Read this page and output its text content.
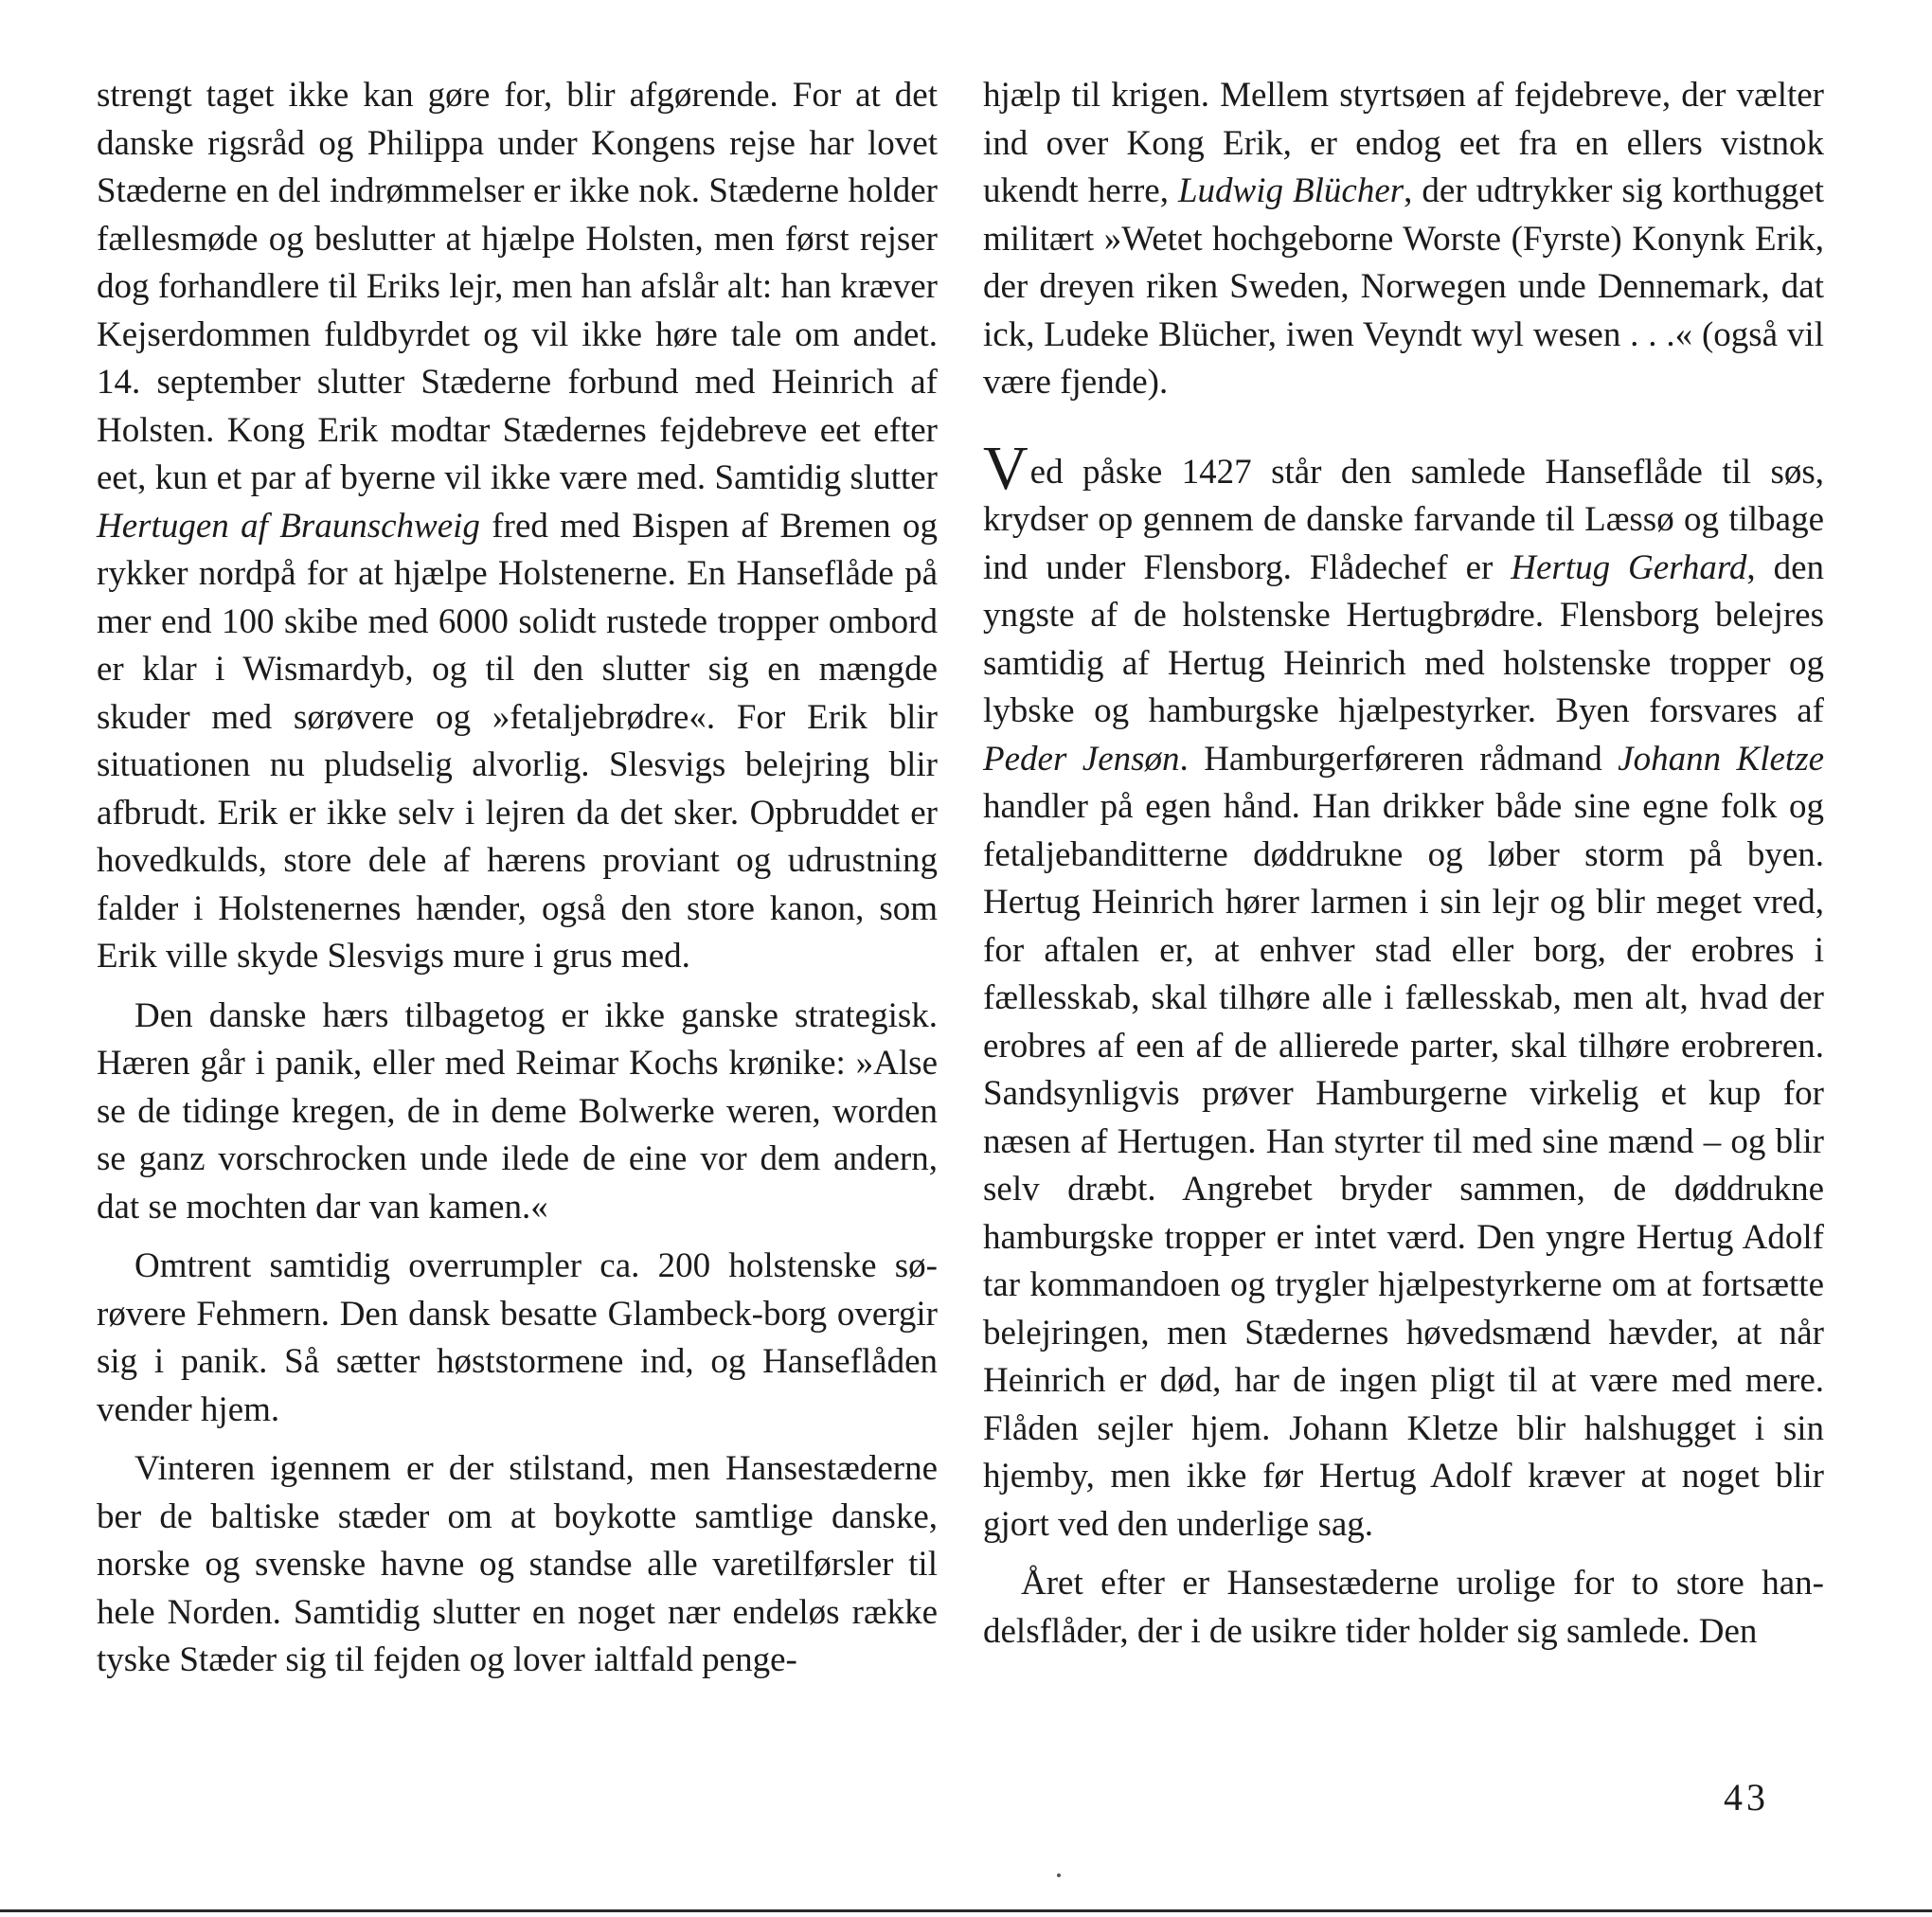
strengt taget ikke kan gøre for, blir afgørende. For at det danske rigsråd og Philippa under Kongens rejse har lovet Stæderne en del indrømmelser er ikke nok. Stæderne holder fællesmøde og beslutter at hjælpe Holsten, men først rejser dog forhandlere til Eriks lejr, men han afslår alt: han kræver Kejserdommen fuldbyrdet og vil ikke høre tale om andet. 14. september slutter Stæderne forbund med Heinrich af Holsten. Kong Erik modtar Stædernes fejdebreve eet efter eet, kun et par af byerne vil ikke være med. Samtidig slutter Hertugen af Braunschweig fred med Bispen af Bremen og rykker nordpå for at hjælpe Holstenerne. En Hanseflåde på mer end 100 skibe med 6000 solidt rustede tropper ombord er klar i Wismardyb, og til den slutter sig en mængde skuder med sørøvere og »fetaljebrødre«. For Erik blir situationen nu pludselig alvorlig. Slesvigs belejring blir afbrudt. Erik er ikke selv i lejren da det sker. Opbruddet er hovedkulds, store dele af hærens proviant og udrustning falder i Holstenernes hænder, også den store kanon, som Erik ville skyde Slesvigs mure i grus med.

Den danske hærs tilbagetog er ikke ganske strategisk. Hæren går i panik, eller med Reimar Kochs krønike: »Alse se de tidinge kregen, de in deme Bolwerke weren, worden se ganz vorschrocken unde ilede de eine vor dem andern, dat se mochten dar van kamen.«

Omtrent samtidig overrumpler ca. 200 holstenske sørøvere Fehmern. Den dansk besatte Glambeck-borg overgir sig i panik. Så sætter høststormene ind, og Hanseflåden vender hjem.

Vinteren igennem er der stilstand, men Hansestæderne ber de baltiske stæder om at boykotte samtlige danske, norske og svenske havne og standse alle varetilførsler til hele Norden. Samtidig slutter en noget nær endeløs række tyske Stæder sig til fejden og lover ialtfald penge-

hjælp til krigen. Mellem styrtsøen af fejdebreve, der vælter ind over Kong Erik, er endog eet fra en ellers vistnok ukendt herre, Ludwig Blücher, der udtrykker sig korthugget militært »Wetet hochgeborne Worste (Fyrste) Konynk Erik, der dreyen riken Sweden, Norwegen unde Dennemark, dat ick, Ludeke Blücher, iwen Veyndt wyl wesen . . .« (også vil være fjende).

Ved påske 1427 står den samlede Hanseflåde til søs, krydser op gennem de danske farvande til Læssø og tilbage ind under Flensborg. Flådechef er Hertug Gerhard, den yngste af de holstenske Hertugbrødre. Flensborg belejres samtidig af Hertug Heinrich med holstenske tropper og lybske og hamburgske hjælpestyrker. Byen forsvares af Peder Jensøn. Hamburgerføreren rådmand Johann Kletze handler på egen hånd. Han drikker både sine egne folk og fetaljebanditterne døddrukne og løber storm på byen. Hertug Heinrich hører larmen i sin lejr og blir meget vred, for aftalen er, at enhver stad eller borg, der erobres i fællesskab, skal tilhøre alle i fællesskab, men alt, hvad der erobres af een af de allierede parter, skal tilhøre erobreren. Sandsynligvis prøver Hamburgerne virkelig et kup for næsen af Hertugen. Han styrter til med sine mænd – og blir selv dræbt. Angrebet bryder sammen, de døddrukne hamburgske tropper er intet værd. Den yngre Hertug Adolf tar kommandoen og trygler hjælpestyrkerne om at fortsætte belejringen, men Stædernes høvedsmænd hævder, at når Heinrich er død, har de ingen pligt til at være med mere. Flåden sejler hjem. Johann Kletze blir halshugget i sin hjemby, men ikke før Hertug Adolf kræver at noget blir gjort ved den underlige sag.

Året efter er Hansestæderne urolige for to store handelsflåder, der i de usikre tider holder sig samlede. Den

43
